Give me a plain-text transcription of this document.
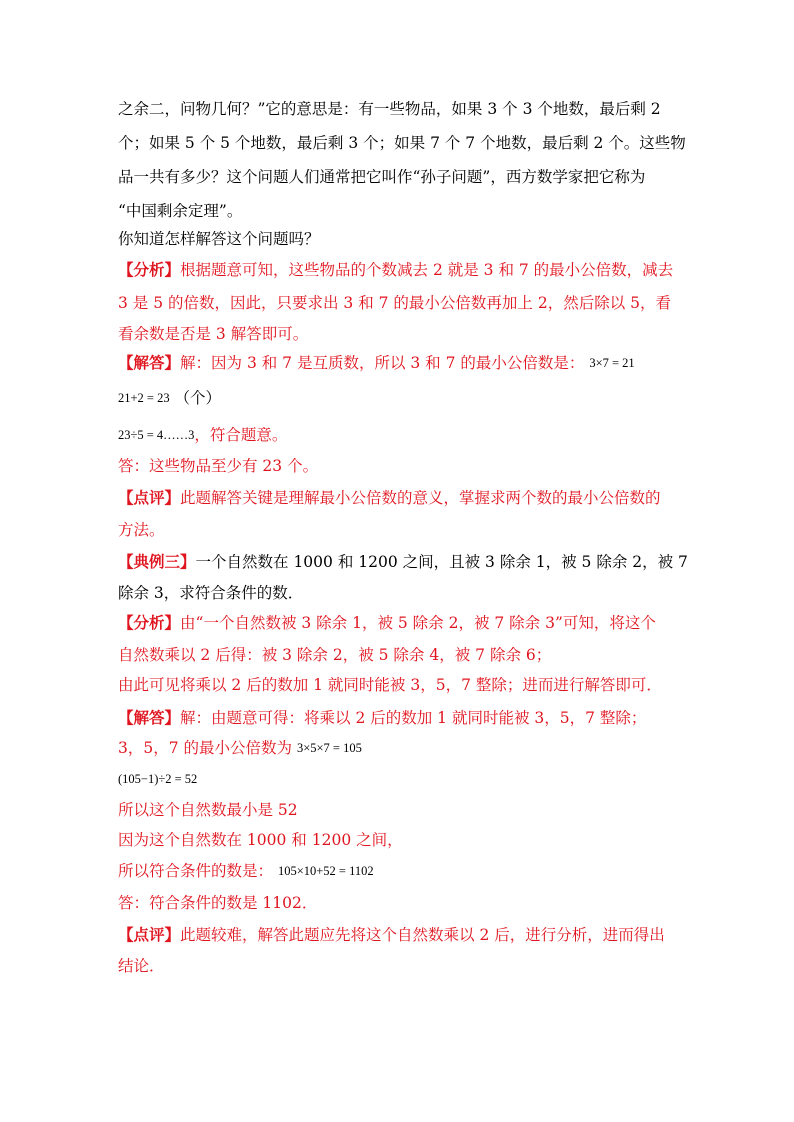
之余二，问物几何？”它的意思是：有一些物品，如果 3 个 3 个地数，最后剩 2
个；如果 5 个 5 个地数，最后剩 3 个；如果 7 个 7 个地数，最后剩 2 个。这些物
品一共有多少？这个问题人们通常把它叫作“孙子问题”，西方数学家把它称为
“中国剩余定理”。
你知道怎样解答这个问题吗？
【分析】根据题意可知，这些物品的个数减去 2 就是 3 和 7 的最小公倍数，减去
3 是 5 的倍数，因此，只要求出 3 和 7 的最小公倍数再加上 2，然后除以 5，看
看余数是否是 3 解答即可。
【解答】解：因为 3 和 7 是互质数，所以 3 和 7 的最小公倍数是： 3×7 = 21
21+2 = 23 （个）
23÷5 = 4……3，符合题意。
答：这些物品至少有 23 个。
【点评】此题解答关键是理解最小公倍数的意义，掌握求两个数的最小公倍数的
方法。
【典例三】一个自然数在 1000 和 1200 之间，且被 3 除余 1，被 5 除余 2，被 7
除余 3，求符合条件的数．
【分析】由“一个自然数被 3 除余 1，被 5 除余 2，被 7 除余 3”可知，将这个
自然数乘以 2 后得：被 3 除余 2，被 5 除余 4，被 7 除余 6；
由此可见将乘以 2 后的数加 1 就同时能被 3，5，7 整除；进而进行解答即可．
【解答】解：由题意可得：将乘以 2 后的数加 1 就同时能被 3，5，7 整除；
3，5，7 的最小公倍数为 3×5×7 = 105
(105−1)÷2 = 52
所以这个自然数最小是 52
因为这个自然数在 1000 和 1200 之间，
所以符合条件的数是： 105×10+52 = 1102
答：符合条件的数是 1102．
【点评】此题较难，解答此题应先将这个自然数乘以 2 后，进行分析，进而得出
结论．
